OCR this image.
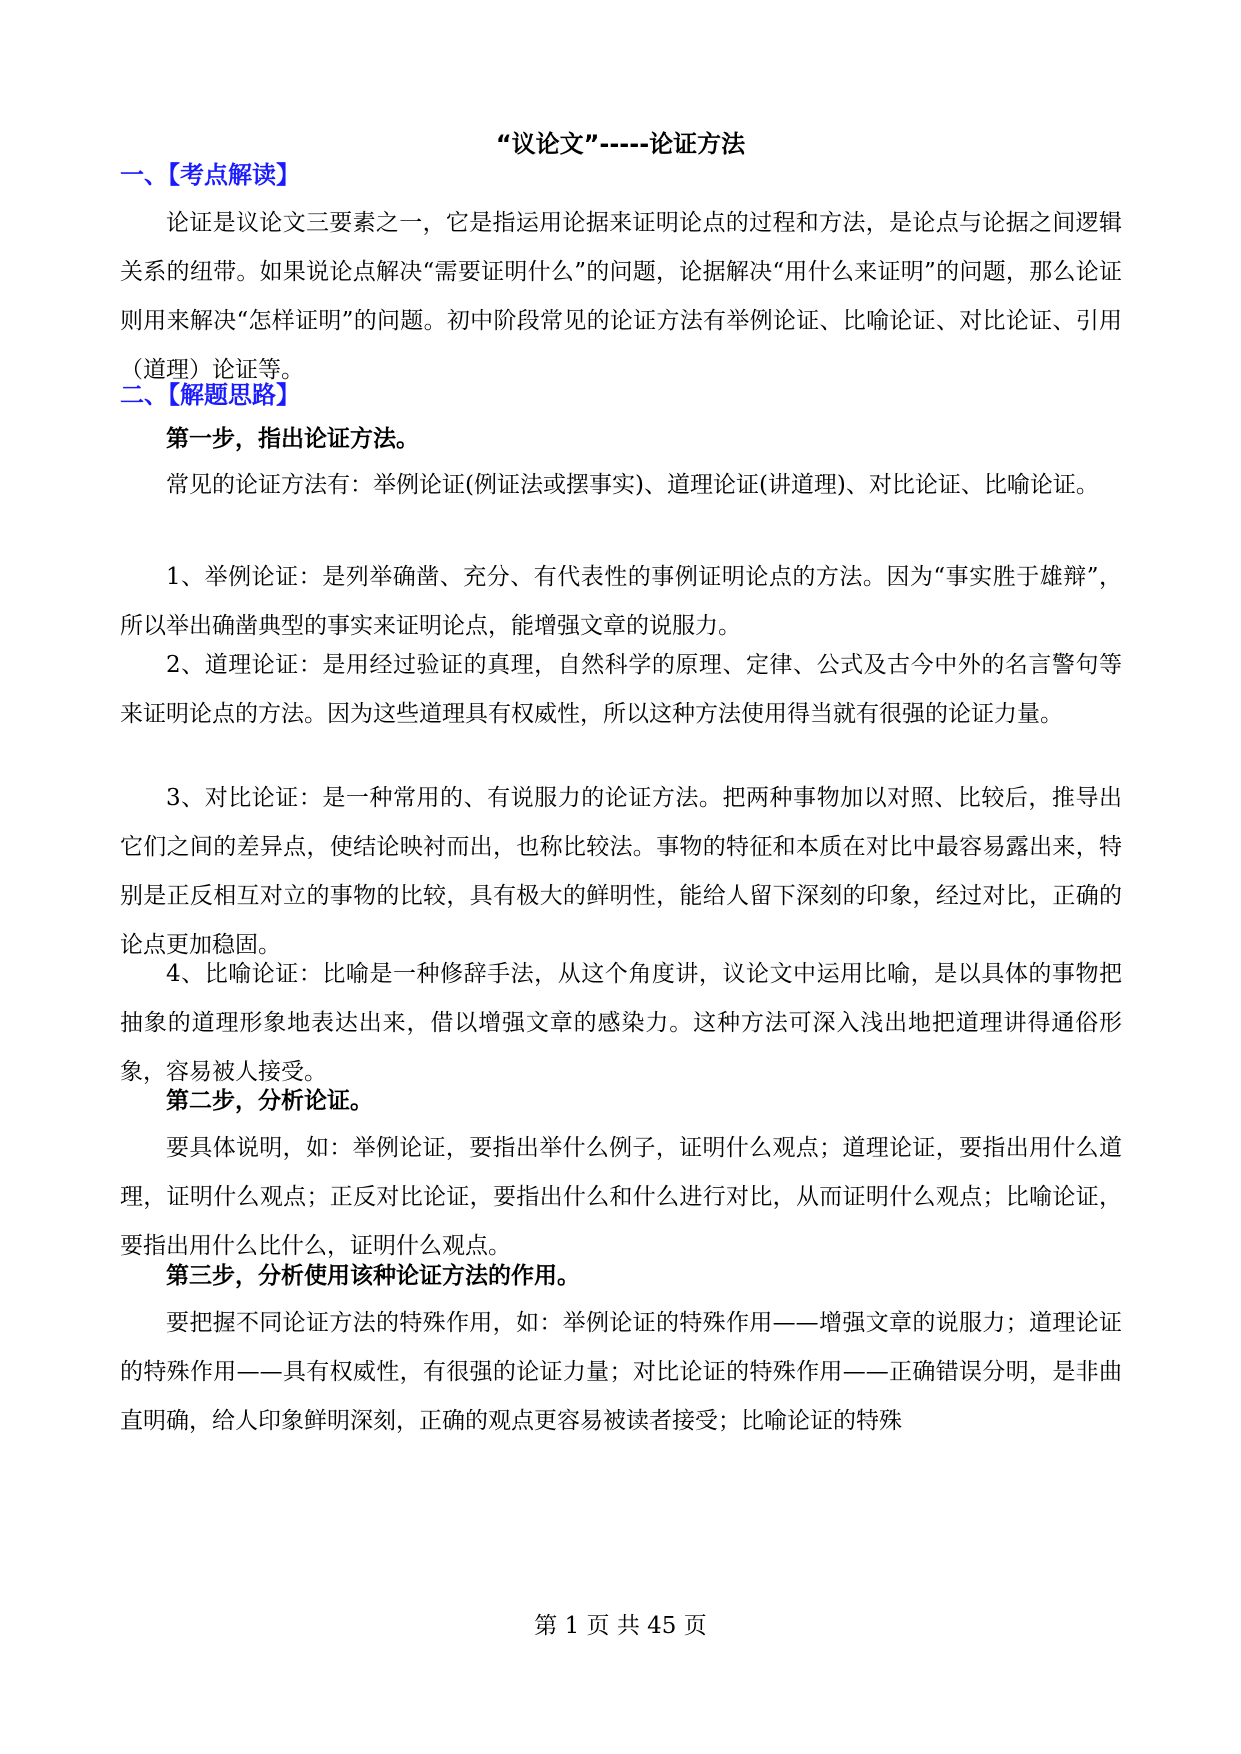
“议论文”-----论证方法
一、【考点解读】

论证是议论文三要素之一，它是指运用论据来证明论点的过程和方法，是论点与论据之间逻辑关系的纽带。如果说论点解决“需要证明什么”的问题，论据解决“用什么来证明”的问题，那么论证则用来解决“怎样证明”的问题。初中阶段常见的论证方法有举例论证、比喻论证、对比论证、引用（道理）论证等。

二、【解题思路】
第一步，指出论证方法。

常见的论证方法有：举例论证(例证法或摆事实)、道理论证(讲道理)、对比论证、比喻论证。

1、举例论证：是列举确凿、充分、有代表性的事例证明论点的方法。因为“事实胜于雄辩”，所以举出确凿典型的事实来证明论点，能增强文章的说服力。

2、道理论证：是用经过验证的真理，自然科学的原理、定律、公式及古今中外的名言警句等来证明论点的方法。因为这些道理具有权威性，所以这种方法使用得当就有很强的论证力量。

3、对比论证：是一种常用的、有说服力的论证方法。把两种事物加以对照、比较后，推导出它们之间的差异点，使结论映衬而出，也称比较法。事物的特征和本质在对比中最容易露出来，特别是正反相互对立的事物的比较，具有极大的鲜明性，能给人留下深刻的印象，经过对比，正确的论点更加稳固。

4、比喻论证：比喻是一种修辞手法，从这个角度讲，议论文中运用比喻，是以具体的事物把抽象的道理形象地表达出来，借以增强文章的感染力。这种方法可深入浅出地把道理讲得通俗形象，容易被人接受。

第二步，分析论证。

要具体说明，如：举例论证，要指出举什么例子，证明什么观点；道理论证，要指出用什么道理，证明什么观点；正反对比论证，要指出什么和什么进行对比，从而证明什么观点；比喻论证，要指出用什么比什么，证明什么观点。

第三步，分析使用该种论证方法的作用。

要把握不同论证方法的特殊作用，如：举例论证的特殊作用——增强文章的说服力；道理论证的特殊作用——具有权威性，有很强的论证力量；对比论证的特殊作用——正确错误分明，是非曲直明确，给人印象鲜明深刻，正确的观点更容易被读者接受；比喻论证的特殊

第 1 页 共 45 页
